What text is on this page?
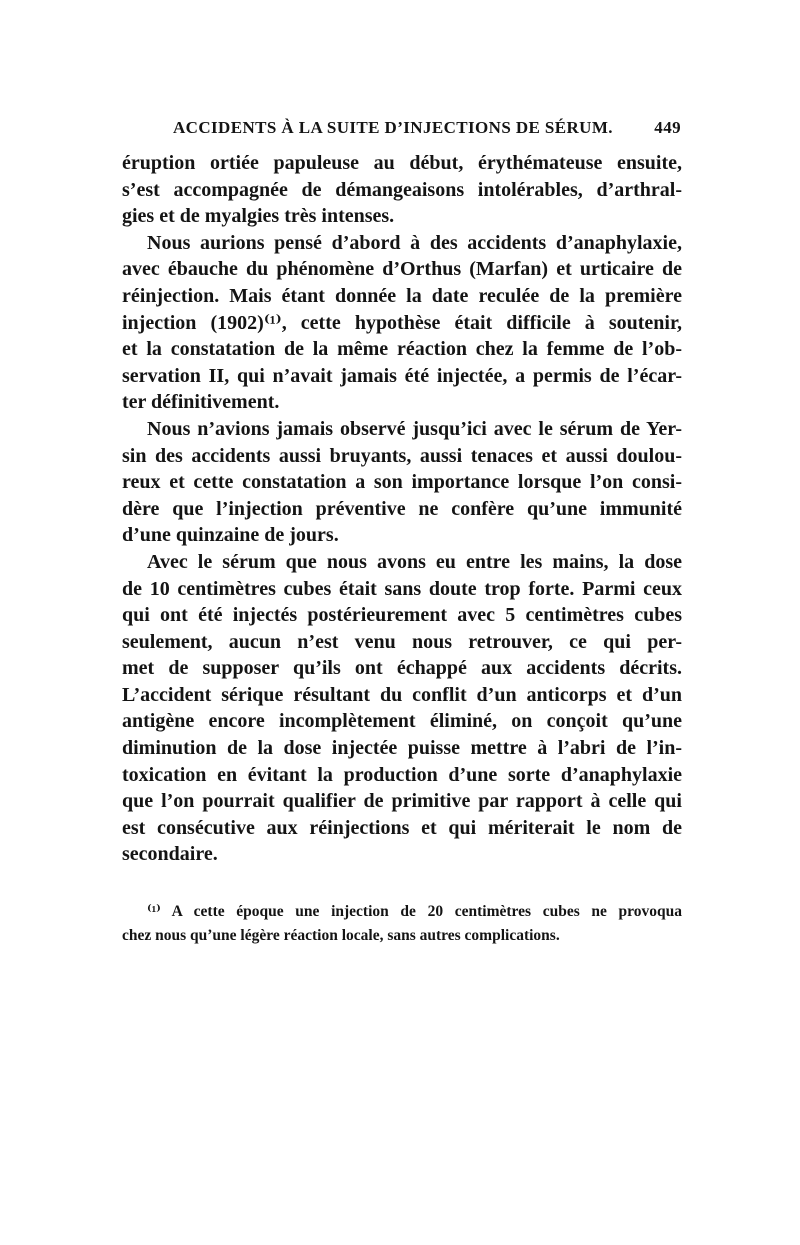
ACCIDENTS À LA SUITE D’INJECTIONS DE SÉRUM. 449
éruption ortiée papuleuse au début, érythémateuse ensuite,
s’est accompagnée de démangeaisons intolérables, d’arthral-
gies et de myalgies très intenses.
Nous aurions pensé d’abord à des accidents d’anaphylaxie,
avec ébauche du phénomène d’Orthus (Marfan) et urticaire de
réinjection. Mais étant donnée la date reculée de la première
injection (1902)⁽¹⁾, cette hypothèse était difficile à soutenir,
et la constatation de la même réaction chez la femme de l’ob-
servation II, qui n’avait jamais été injectée, a permis de l’écar-
ter définitivement.
Nous n’avions jamais observé jusqu’ici avec le sérum de Yer-
sin des accidents aussi bruyants, aussi tenaces et aussi doulou-
reux et cette constatation a son importance lorsque l’on consi-
dère que l’injection préventive ne confère qu’une immunité
d’une quinzaine de jours.
Avec le sérum que nous avons eu entre les mains, la dose
de 10 centimètres cubes était sans doute trop forte. Parmi ceux
qui ont été injectés postérieurement avec 5 centimètres cubes
seulement, aucun n’est venu nous retrouver, ce qui per-
met de supposer qu’ils ont échappé aux accidents décrits.
L’accident sérique résultant du conflit d’un anticorps et d’un
antigène encore incomplètement éliminé, on conçoit qu’une
diminution de la dose injectée puisse mettre à l’abri de l’in-
toxication en évitant la production d’une sorte d’anaphylaxie
que l’on pourrait qualifier de primitive par rapport à celle qui
est consécutive aux réinjections et qui mériterait le nom de
secondaire.
⁽¹⁾ A cette époque une injection de 20 centimètres cubes ne provoqua
chez nous qu’une légère réaction locale, sans autres complications.
